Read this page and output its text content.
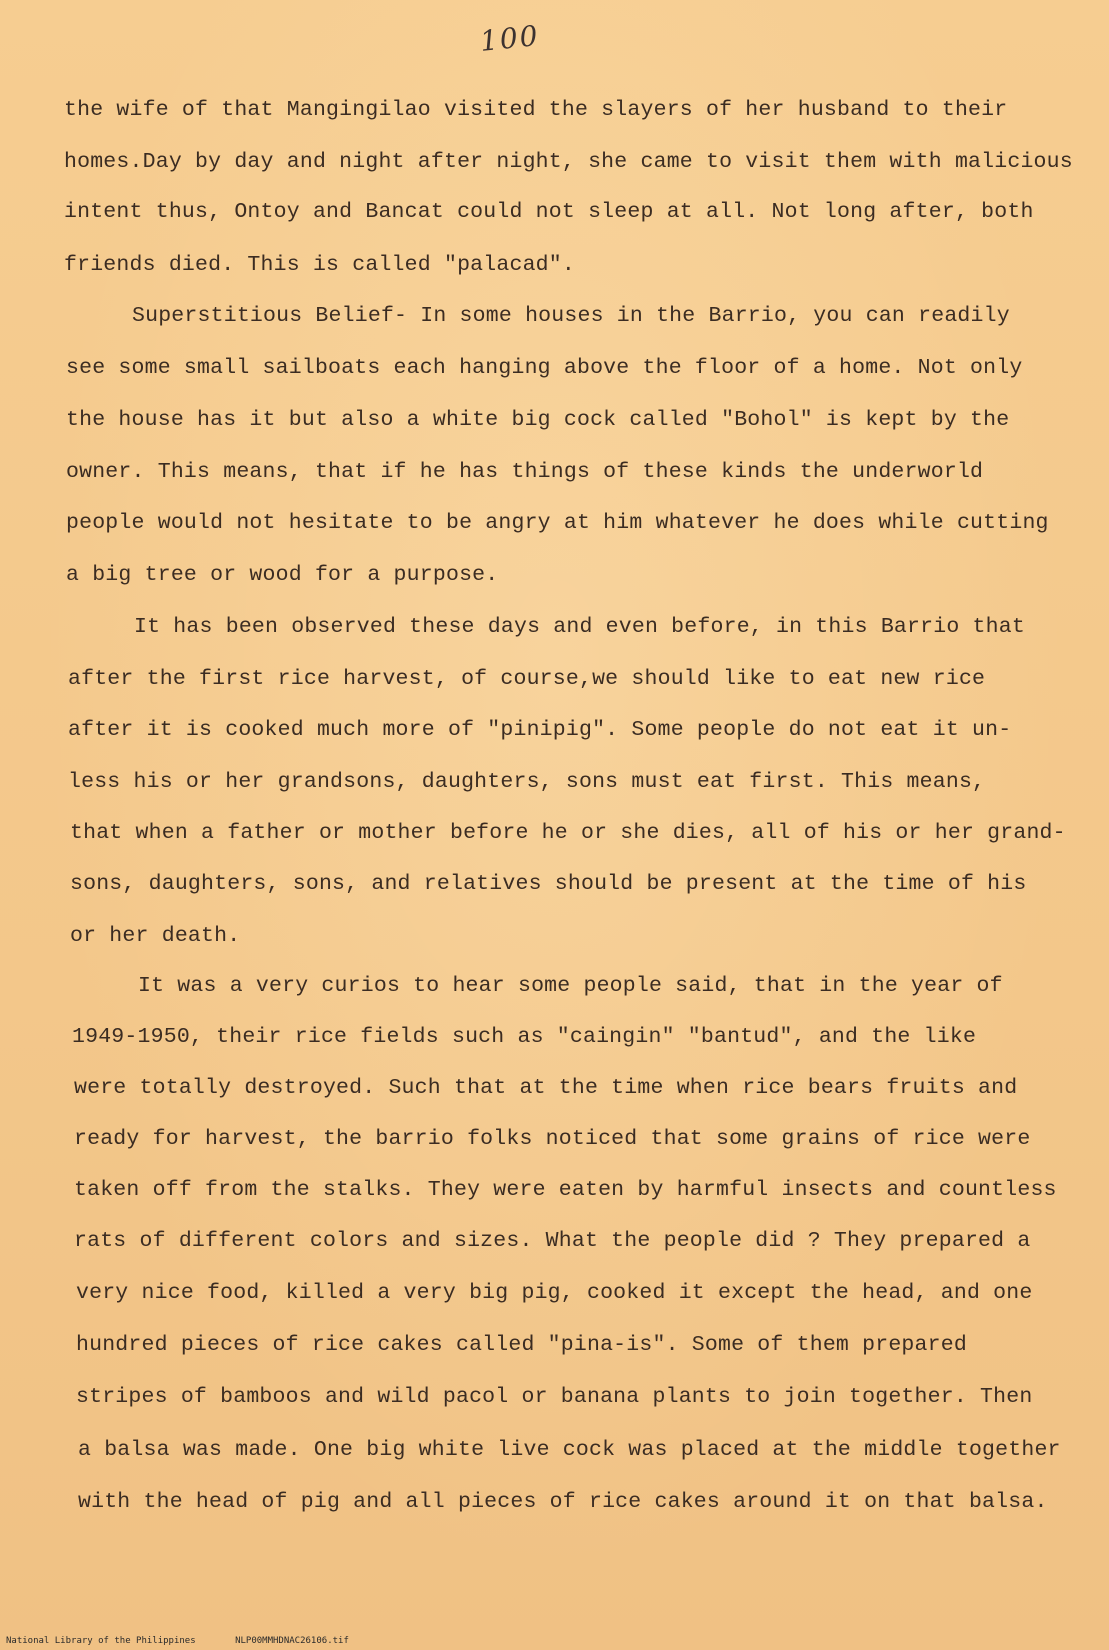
100
the wife of that Mangingilao visited the slayers of her husband to their
homes.Day by day and night after night, she came to visit them with malicious
intent thus, Ontoy and Bancat could not sleep at all. Not long after, both
friends died. This is called "palacad".
Superstitious Belief- In some houses in the Barrio, you can readily
see some small sailboats each hanging above the floor of a home. Not only
the house has it but also a white big cock called "Bohol" is kept by the
owner. This means, that if he has things of these kinds the underworld
people would not hesitate to be angry at him whatever he does while cutting
a big tree or wood for a purpose.
It has been observed these days and even before, in this Barrio that
after the first rice harvest, of course,we should like to eat new rice
after it is cooked much more of "pinipig". Some people do not eat it un-
less his or her grandsons, daughters, sons must eat first. This means,
that when a father or mother before he or she dies, all of his or her grand-
sons, daughters, sons, and relatives should be present at the time of his
or her death.
It was a very curios to hear some people said, that in the year of
1949-1950, their rice fields such as "caingin" "bantud", and the like
were totally destroyed. Such that at the time when rice bears fruits and
ready for harvest, the barrio folks noticed that some grains of rice were
taken off from the stalks. They were eaten by harmful insects and countless
rats of different colors and sizes. What the people did ? They prepared a
very nice food, killed a very big pig, cooked it except the head, and one
hundred pieces of rice cakes called "pina-is". Some of them prepared
stripes of bamboos and wild pacol or banana plants to join together. Then
a balsa was made. One big white live cock was placed at the middle together
with the head of pig and all pieces of rice cakes around it on that balsa.
National Library of the Philippines	NLP00MMHDNAC26106.tif
